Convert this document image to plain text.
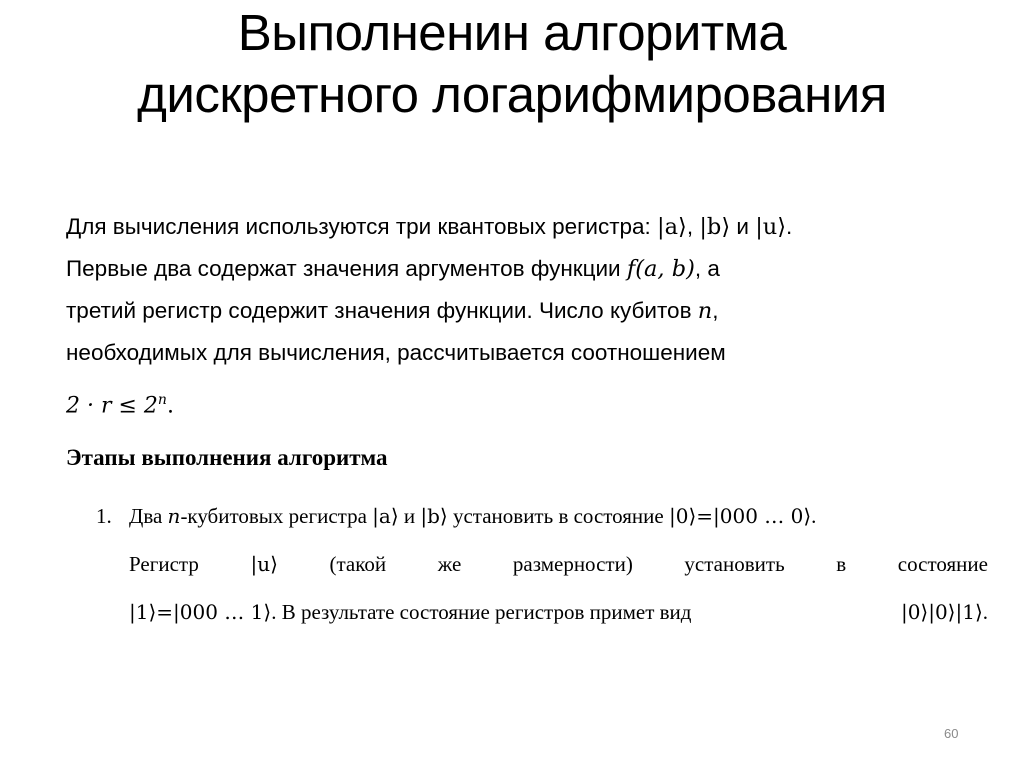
Выполненин алгоритма
дискретного логарифмирования
Для вычисления используются три квантовых регистра: |a⟩, |b⟩ и |u⟩.
Первые два содержат значения аргументов функции f(a, b), а
третий регистр содержит значения функции. Число кубитов n,
необходимых для вычисления, рассчитывается соотношением
$2 \cdot r \le 2^n$.
Этапы выполнения алгоритма
1. Два n-кубитовых регистра |a⟩ и |b⟩ установить в состояние |0⟩=|000 … 0⟩.
Регистр	|u⟩ (такой же размерности) установить в состояние
|1⟩=|000 … 1⟩. В результате состояние регистров примет вид	|0⟩|0⟩|1⟩.
60
